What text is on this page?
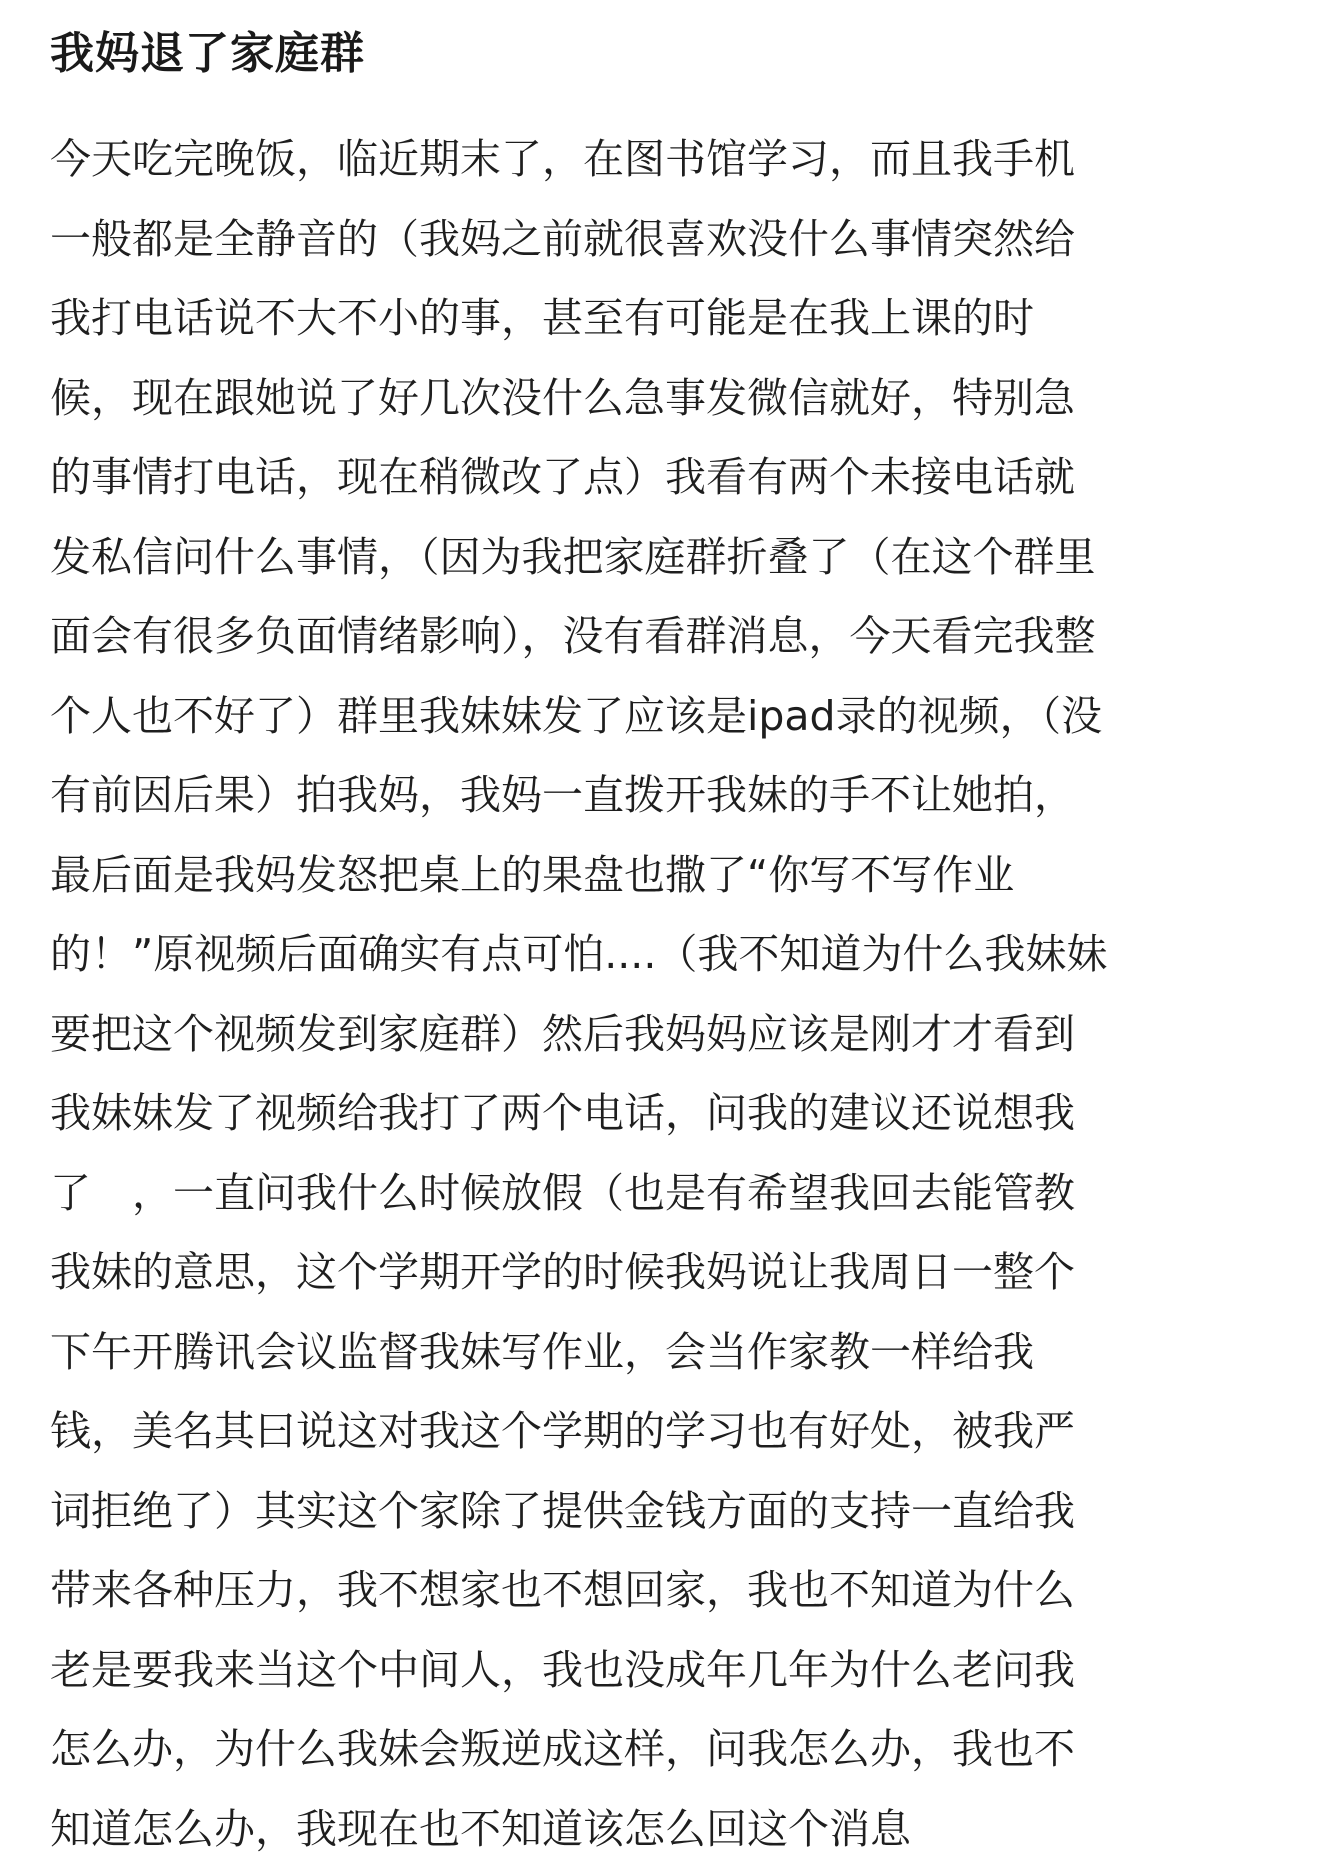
我妈退了家庭群
今天吃完晚饭，临近期末了，在图书馆学习，而且我手机
一般都是全静音的（我妈之前就很喜欢没什么事情突然给
我打电话说不大不小的事，甚至有可能是在我上课的时
候，现在跟她说了好几次没什么急事发微信就好，特别急
的事情打电话，现在稍微改了点）我看有两个未接电话就
发私信问什么事情，（因为我把家庭群折叠了（在这个群里
面会有很多负面情绪影响），没有看群消息，今天看完我整
个人也不好了）群里我妹妹发了应该是ipad录的视频，（没
有前因后果）拍我妈，我妈一直拨开我妹的手不让她拍，
最后面是我妈发怒把桌上的果盘也撒了“你写不写作业
的！”原视频后面确实有点可怕....（我不知道为什么我妹妹
要把这个视频发到家庭群）然后我妈妈应该是刚才才看到
我妹妹发了视频给我打了两个电话，问我的建议还说想我
了　，一直问我什么时候放假（也是有希望我回去能管教
我妹的意思，这个学期开学的时候我妈说让我周日一整个
下午开腾讯会议监督我妹写作业，会当作家教一样给我
钱，美名其曰说这对我这个学期的学习也有好处，被我严
词拒绝了）其实这个家除了提供金钱方面的支持一直给我
带来各种压力，我不想家也不想回家，我也不知道为什么
老是要我来当这个中间人，我也没成年几年为什么老问我
怎么办，为什么我妹会叛逆成这样，问我怎么办，我也不
知道怎么办，我现在也不知道该怎么回这个消息
